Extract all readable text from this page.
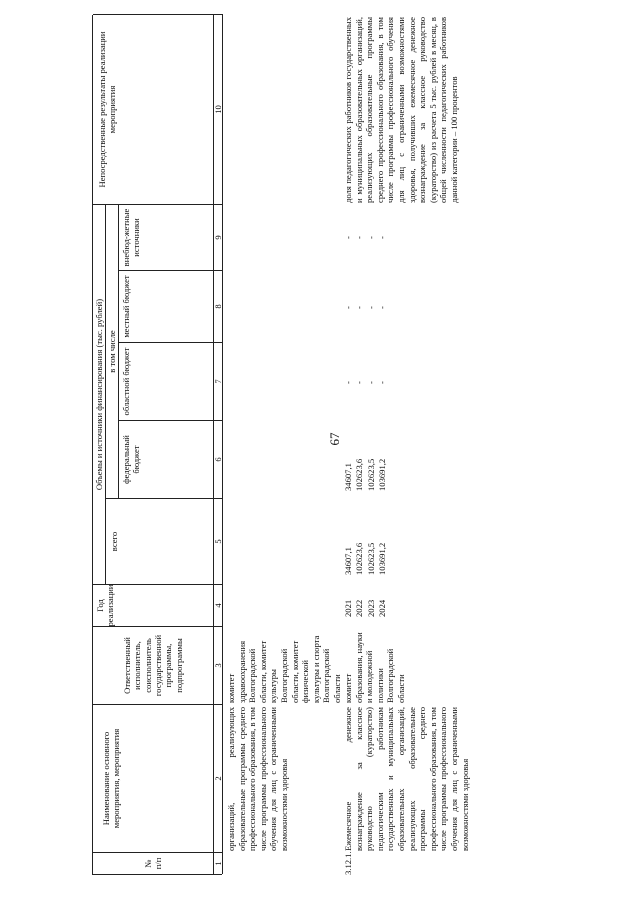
67
№ п/п
Наименование основного мероприятия, мероприятия
Ответственный исполнитель, соисполнитель государственной программы, подпрограммы
Год реализации
Объемы и источники финансирования (тыс. рублей)
всего
в том числе
федеральный бюджет
областной бюджет
местный бюджет
внебюд-жетные источники
Непосредственные результаты реализации мероприятия
1
2
3
4
5
6
7
8
9
10
организаций, реализующих образовательные программы среднего профессионального образования, в том числе программы профессионального обучения для лиц с ограниченными возможностями здоровья
комитет здравоохранения Волгоградской области, комитет культуры Волгоградской области, комитет физической культуры и спорта Волгоградской области
3.12.1.
Ежемесячное денежное вознаграждение за классное руководство (кураторство) педагогическим работникам государственных и муниципальных образовательных организаций, реализующих образовательные программы среднего профессионального образования, в том числе программы профессионального обучения для лиц с ограниченными возможностями здоровья
комитет образования, науки и молодежной политики Волгоградской области
2021 2022 2023 2024
34607,1 102623,6 102623,5 103691,2
34607,1 102623,6 102623,5 103691,2
- - - -
- - - -
- - - -
доля педагогических работников государственных и муниципальных образовательных организаций, реализующих образовательные программы среднего профессионального образования, в том числе программы профессионального обучения для лиц с ограниченными возможностями здоровья, получивших ежемесячное денежное вознаграждение за классное руководство (кураторство) из расчета 5 тыс. рублей в месяц, в общей численности педагогических работников данной категории – 100 процентов
